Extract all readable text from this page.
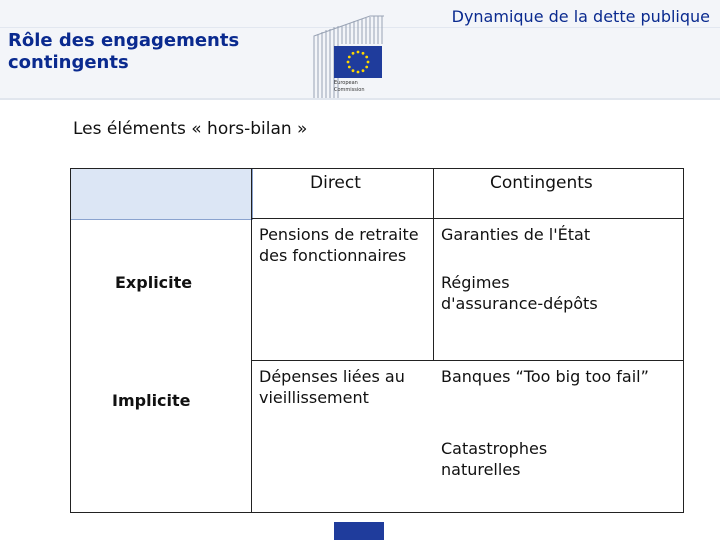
Dynamique de la dette publique
Rôle des engagements contingents
European
Commission
Les éléments « hors-bilan »
Direct	Contingents
Explicite
Implicite
Pensions de retraite des fonctionnaires
Garanties de l'État
Régimes d'assurance-dépôts
Dépenses liées au vieillissement
Banques “Too big too fail”
Catastrophes naturelles
